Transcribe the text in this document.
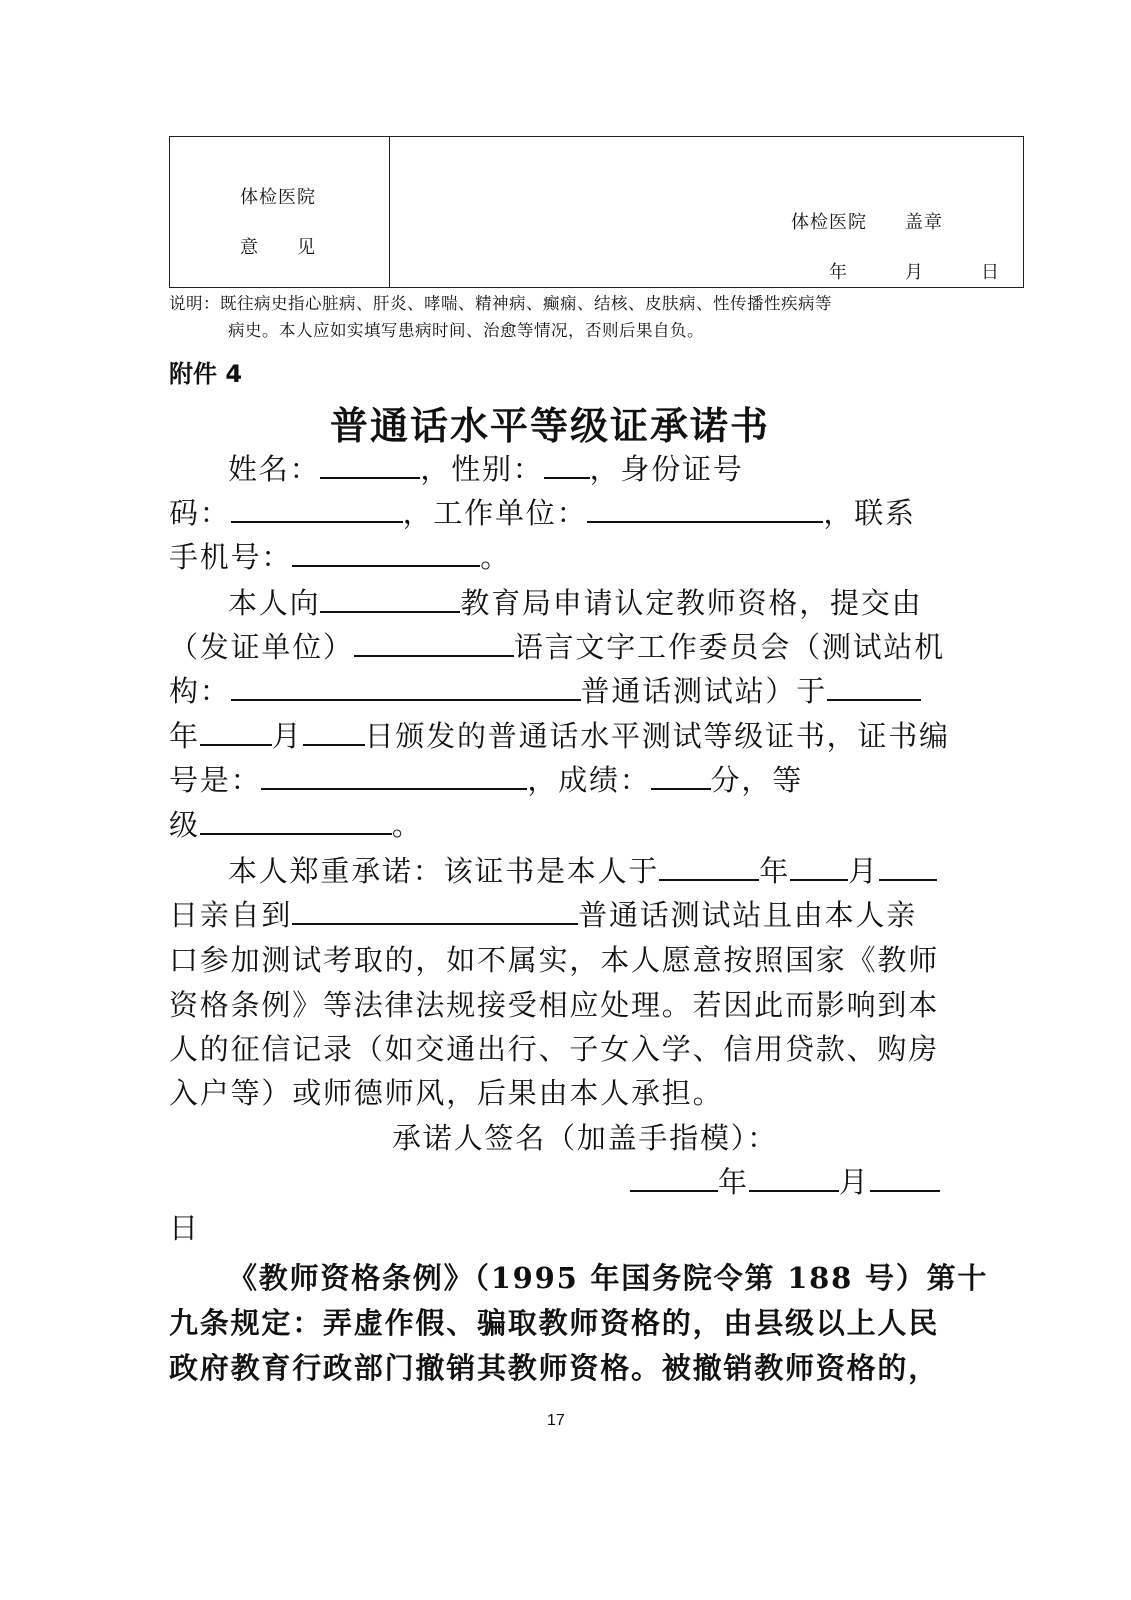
体检医院
意　　见
体检医院　　盖章
年　　　月　　　日
说明：既往病史指心脏病、肝炎、哮喘、精神病、癫痫、结核、皮肤病、性传播性疾病等
病史。本人应如实填写患病时间、治愈等情况，否则后果自负。
附件 4
普通话水平等级证承诺书
姓名：	，性别： ，身份证号
码：	，工作单位：	，联系
手机号：	。
本人向	教育局申请认定教师资格，提交由
（发证单位）	语言文字工作委员会（测试站机
构：	普通话测试站）于
年 月 日颁发的普通话水平测试等级证书，证书编
号是：	，成绩： 分，等
级	。
本人郑重承诺：该证书是本人于	年 月
日亲自到	普通话测试站且由本人亲
口参加测试考取的，如不属实，本人愿意按照国家《教师
资格条例》等法律法规接受相应处理。若因此而影响到本
人的征信记录（如交通出行、子女入学、信用贷款、购房
入户等）或师德师风，后果由本人承担。
承诺人签名（加盖手指模）：
年	月
日
《教师资格条例》（1995 年国务院令第 188 号）第十
九条规定：弄虚作假、骗取教师资格的，由县级以上人民
政府教育行政部门撤销其教师资格。被撤销教师资格的，
17
